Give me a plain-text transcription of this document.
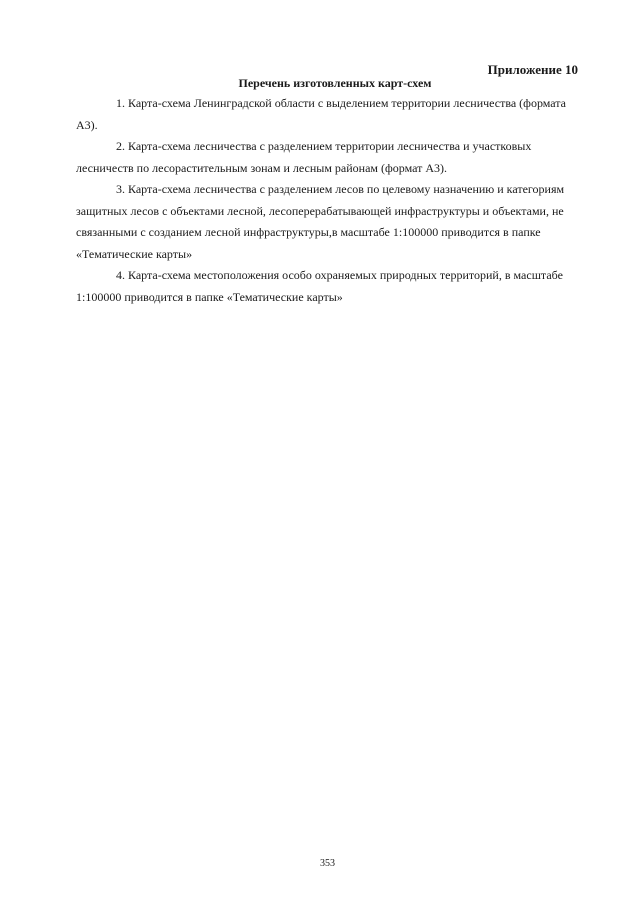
Приложение 10

Перечень изготовленных карт-схем

1. Карта-схема Ленинградской области с выделением территории лесничества (формата А3).

2. Карта-схема лесничества с разделением территории лесничества и участковых лесничеств по лесорастительным зонам и лесным районам (формат А3).

3. Карта-схема лесничества с разделением лесов по целевому назначению и категориям защитных лесов с объектами лесной, лесоперерабатывающей инфраструктуры и объектами, не связанными с созданием лесной инфраструктуры,в масштабе 1:100000 приводится в папке «Тематические карты»

4. Карта-схема местоположения особо охраняемых природных территорий, в масштабе 1:100000 приводится в папке «Тематические карты»

353
